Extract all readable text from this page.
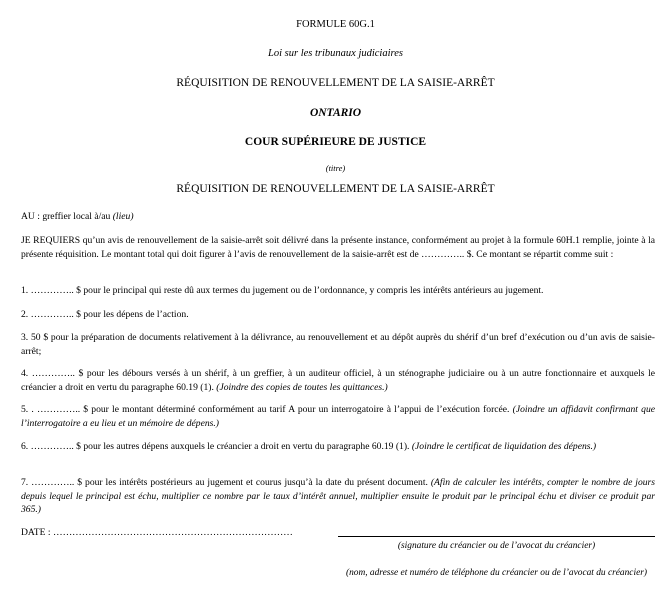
FORMULE 60G.1
Loi sur les tribunaux judiciaires
RÉQUISITION DE RENOUVELLEMENT DE LA SAISIE-ARRÊT
ONTARIO
COUR SUPÉRIEURE DE JUSTICE
(titre)
RÉQUISITION DE RENOUVELLEMENT DE LA SAISIE-ARRÊT
AU : greffier local à/au (lieu)

JE REQUIERS qu’un avis de renouvellement de la saisie-arrêt soit délivré dans la présente instance, conformément au projet à la formule 60H.1 remplie, jointe à la présente réquisition. Le montant total qui doit figurer à l’avis de renouvellement de la saisie-arrêt est de ………….. $. Ce montant se répartit comme suit :

1. ………….. $ pour le principal qui reste dû aux termes du jugement ou de l’ordonnance, y compris les intérêts antérieurs au jugement.

2. ………….. $ pour les dépens de l’action.

3. 50 $ pour la préparation de documents relativement à la délivrance, au renouvellement et au dépôt auprès du shérif d’un bref d’exécution ou d’un avis de saisie-arrêt;

4. ………….. $ pour les débours versés à un shérif, à un greffier, à un auditeur officiel, à un sténographe judiciaire ou à un autre fonctionnaire et auxquels le créancier a droit en vertu du paragraphe 60.19 (1). (Joindre des copies de toutes les quittances.)

5. . ………….. $ pour le montant déterminé conformément au tarif A pour un interrogatoire à l’appui de l’exécution forcée. (Joindre un affidavit confirmant que l’interrogatoire a eu lieu et un mémoire de dépens.)

6. ………….. $ pour les autres dépens auxquels le créancier a droit en vertu du paragraphe 60.19 (1). (Joindre le certificat de liquidation des dépens.)

7. ………….. $ pour les intérêts postérieurs au jugement et courus jusqu’à la date du présent document. (Afin de calculer les intérêts, compter le nombre de jours depuis lequel le principal est échu, multiplier ce nombre par le taux d’intérêt annuel, multiplier ensuite le produit par le principal échu et diviser ce produit par 365.)

DATE : …………………………………………………………………
(signature du créancier ou de l’avocat du créancier)
(nom, adresse et numéro de téléphone du créancier ou de l’avocat du créancier)
